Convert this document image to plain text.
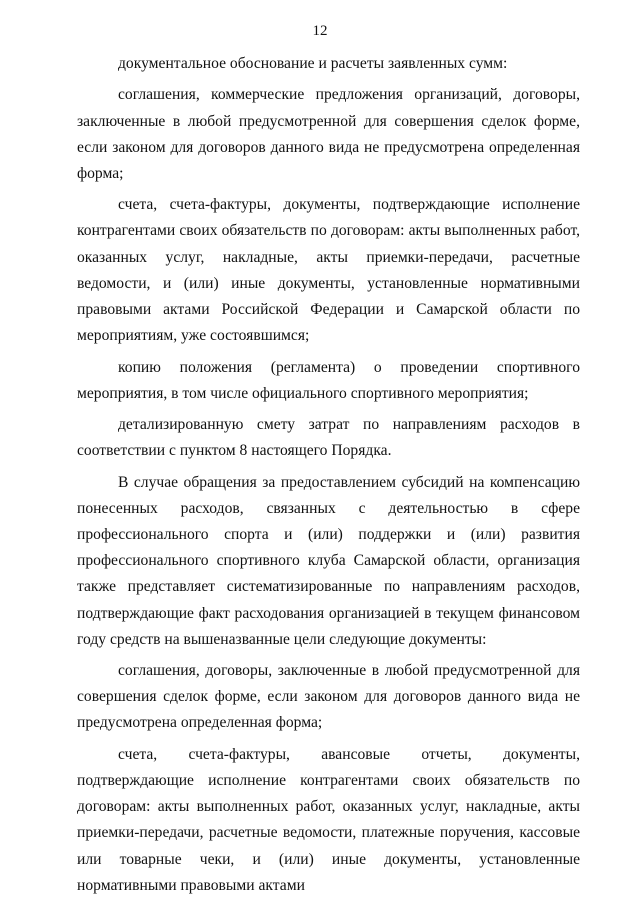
12

документальное обоснование и расчеты заявленных сумм:

соглашения, коммерческие предложения организаций, договоры, заключенные в любой предусмотренной для совершения сделок форме, если законом для договоров данного вида не предусмотрена определенная форма;

счета, счета-фактуры, документы, подтверждающие исполнение контрагентами своих обязательств по договорам: акты выполненных работ, оказанных услуг, накладные, акты приемки-передачи, расчетные ведомости, и (или) иные документы, установленные нормативными правовыми актами Российской Федерации и Самарской области по мероприятиям, уже состоявшимся;

копию положения (регламента) о проведении спортивного мероприятия, в том числе официального спортивного мероприятия;

детализированную смету затрат по направлениям расходов в соответствии с пунктом 8 настоящего Порядка.

В случае обращения за предоставлением субсидий на компенсацию понесенных расходов, связанных с деятельностью в сфере профессионального спорта и (или) поддержки и (или) развития профессионального спортивного клуба Самарской области, организация также представляет систематизированные по направлениям расходов, подтверждающие факт расходования организацией в текущем финансовом году средств на вышеназванные цели следующие документы:

соглашения, договоры, заключенные в любой предусмотренной для совершения сделок форме, если законом для договоров данного вида не предусмотрена определенная форма;

счета, счета-фактуры, авансовые отчеты, документы, подтверждающие исполнение контрагентами своих обязательств по договорам: акты выполненных работ, оказанных услуг, накладные, акты приемки-передачи, расчетные ведомости, платежные поручения, кассовые или товарные чеки, и (или) иные документы, установленные нормативными правовыми актами
